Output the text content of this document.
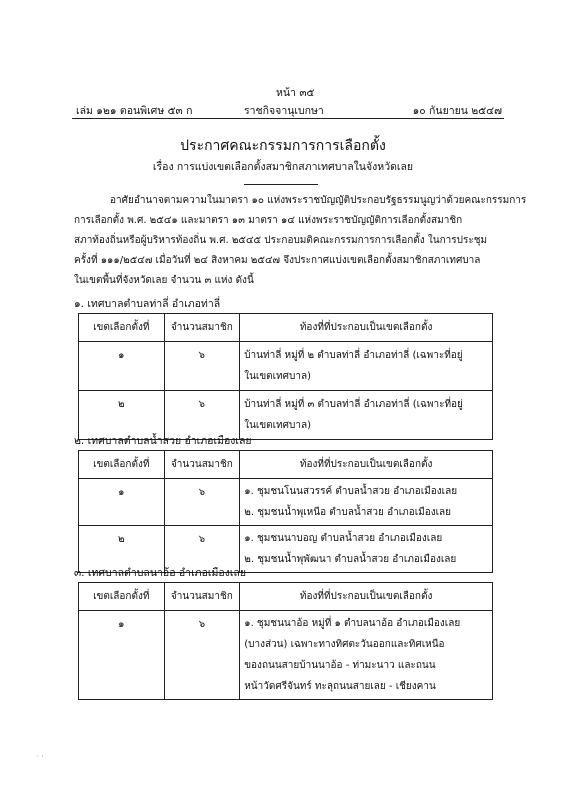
หน้า ๓๕
เล่ม ๑๒๑ ตอนพิเศษ ๕๓ ก	ราชกิจจานุเบกษา	๑๐ กันยายน ๒๕๔๗
ประกาศคณะกรรมการการเลือกตั้ง
เรื่อง การแบ่งเขตเลือกตั้งสมาชิกสภาเทศบาลในจังหวัดเลย
อาศัยอำนาจตามความในมาตรา ๑๐ แห่งพระราชบัญญัติประกอบรัฐธรรมนูญว่าด้วยคณะกรรมการ
การเลือกตั้ง พ.ศ. ๒๕๔๑ และมาตรา ๑๓ มาตรา ๑๔ แห่งพระราชบัญญัติการเลือกตั้งสมาชิก
สภาท้องถิ่นหรือผู้บริหารท้องถิ่น พ.ศ. ๒๕๔๕ ประกอบมติคณะกรรมการการเลือกตั้ง ในการประชุม
ครั้งที่ ๑๑๑/๒๕๔๗ เมื่อวันที่ ๒๔ สิงหาคม ๒๕๔๗ จึงประกาศแบ่งเขตเลือกตั้งสมาชิกสภาเทศบาล
ในเขตพื้นที่จังหวัดเลย จำนวน ๓ แห่ง ดังนี้
๑. เทศบาลตำบลท่าลี่ อำเภอท่าลี่
เขตเลือกตั้งที่	จำนวนสมาชิก	ท้องที่ที่ประกอบเป็นเขตเลือกตั้ง
๑	๖	บ้านท่าลี่ หมู่ที่ ๒ ตำบลท่าลี่ อำเภอท่าลี่ (เฉพาะที่อยู่
ในเขตเทศบาล)

๒	๖	บ้านท่าลี่ หมู่ที่ ๓ ตำบลท่าลี่ อำเภอท่าลี่ (เฉพาะที่อยู่
ในเขตเทศบาล)
๒. เทศบาลตำบลน้ำสวย อำเภอเมืองเลย
เขตเลือกตั้งที่	จำนวนสมาชิก	ท้องที่ที่ประกอบเป็นเขตเลือกตั้ง
๑	๖	๑. ชุมชนโนนสวรรค์ ตำบลน้ำสวย อำเภอเมืองเลย
๒. ชุมชนน้ำพุเหนือ ตำบลน้ำสวย อำเภอเมืองเลย

๒	๖	๑. ชุมชนนาบอญ ตำบลน้ำสวย อำเภอเมืองเลย
๒. ชุมชนน้ำพุพัฒนา ตำบลน้ำสวย อำเภอเมืองเลย
๓. เทศบาลตำบลนาอ้อ อำเภอเมืองเลย
เขตเลือกตั้งที่	จำนวนสมาชิก	ท้องที่ที่ประกอบเป็นเขตเลือกตั้ง
๑	๖	๑. ชุมชนนาอ้อ หมู่ที่ ๑ ตำบลนาอ้อ อำเภอเมืองเลย
(บางส่วน) เฉพาะทางทิศตะวันออกและทิศเหนือ
ของถนนสายบ้านนาอ้อ - ท่ามะนาว และถนน
หน้าวัดศรีจันทร์ ทะลุถนนสายเลย - เชียงคาน
· ·
